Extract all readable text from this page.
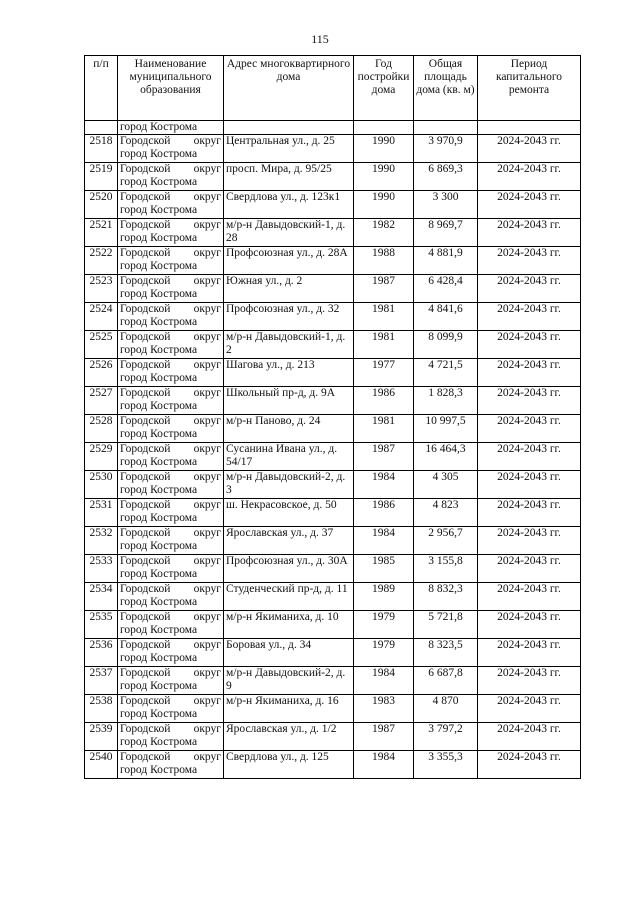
115
п/п	Наименование муниципального образования	Адрес многоквартирного дома	Год постройки дома	Общая площадь дома (кв. м)	Период капитального ремонта
	город Кострома				
2518	Городской округ город Кострома	Центральная ул., д. 25	1990	3 970,9	2024-2043 гг.
2519	Городской округ город Кострома	просп. Мира, д. 95/25	1990	6 869,3	2024-2043 гг.
2520	Городской округ город Кострома	Свердлова ул., д. 123к1	1990	3 300	2024-2043 гг.
2521	Городской округ город Кострома	м/р-н Давыдовский-1, д. 28	1982	8 969,7	2024-2043 гг.
2522	Городской округ город Кострома	Профсоюзная ул., д. 28А	1988	4 881,9	2024-2043 гг.
2523	Городской округ город Кострома	Южная ул., д. 2	1987	6 428,4	2024-2043 гг.
2524	Городской округ город Кострома	Профсоюзная ул., д. 32	1981	4 841,6	2024-2043 гг.
2525	Городской округ город Кострома	м/р-н Давыдовский-1, д. 2	1981	8 099,9	2024-2043 гг.
2526	Городской округ город Кострома	Шагова ул., д. 213	1977	4 721,5	2024-2043 гг.
2527	Городской округ город Кострома	Школьный пр-д, д. 9А	1986	1 828,3	2024-2043 гг.
2528	Городской округ город Кострома	м/р-н Паново, д. 24	1981	10 997,5	2024-2043 гг.
2529	Городской округ город Кострома	Сусанина Ивана ул., д. 54/17	1987	16 464,3	2024-2043 гг.
2530	Городской округ город Кострома	м/р-н Давыдовский-2, д. 3	1984	4 305	2024-2043 гг.
2531	Городской округ город Кострома	ш. Некрасовское, д. 50	1986	4 823	2024-2043 гг.
2532	Городской округ город Кострома	Ярославская ул., д. 37	1984	2 956,7	2024-2043 гг.
2533	Городской округ город Кострома	Профсоюзная ул., д. 30А	1985	3 155,8	2024-2043 гг.
2534	Городской округ город Кострома	Студенческий пр-д, д. 11	1989	8 832,3	2024-2043 гг.
2535	Городской округ город Кострома	м/р-н Якиманиха, д. 10	1979	5 721,8	2024-2043 гг.
2536	Городской округ город Кострома	Боровая ул., д. 34	1979	8 323,5	2024-2043 гг.
2537	Городской округ город Кострома	м/р-н Давыдовский-2, д. 9	1984	6 687,8	2024-2043 гг.
2538	Городской округ город Кострома	м/р-н Якиманиха, д. 16	1983	4 870	2024-2043 гг.
2539	Городской округ город Кострома	Ярославская ул., д. 1/2	1987	3 797,2	2024-2043 гг.
2540	Городской округ город Кострома	Свердлова ул., д. 125	1984	3 355,3	2024-2043 гг.
